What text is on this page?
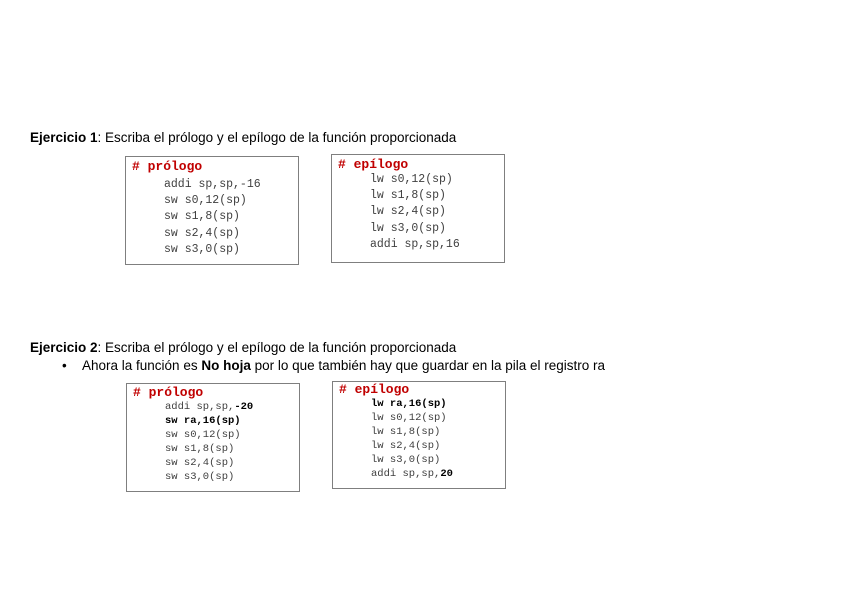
Ejercicio 1: Escriba el prólogo y el epílogo de la función proporcionada
# prólogo
addi sp,sp,-16
sw s0,12(sp)
sw s1,8(sp)
sw s2,4(sp)
sw s3,0(sp)
# epílogo
lw s0,12(sp)
lw s1,8(sp)
lw s2,4(sp)
lw s3,0(sp)
addi sp,sp,16
Ejercicio 2: Escriba el prólogo y el epílogo de la función proporcionada
• Ahora la función es No hoja por lo que también hay que guardar en la pila el registro ra
# prólogo
addi sp,sp,-20
sw ra,16(sp)
sw s0,12(sp)
sw s1,8(sp)
sw s2,4(sp)
sw s3,0(sp)
# epílogo
lw ra,16(sp)
lw s0,12(sp)
lw s1,8(sp)
lw s2,4(sp)
lw s3,0(sp)
addi sp,sp,20
